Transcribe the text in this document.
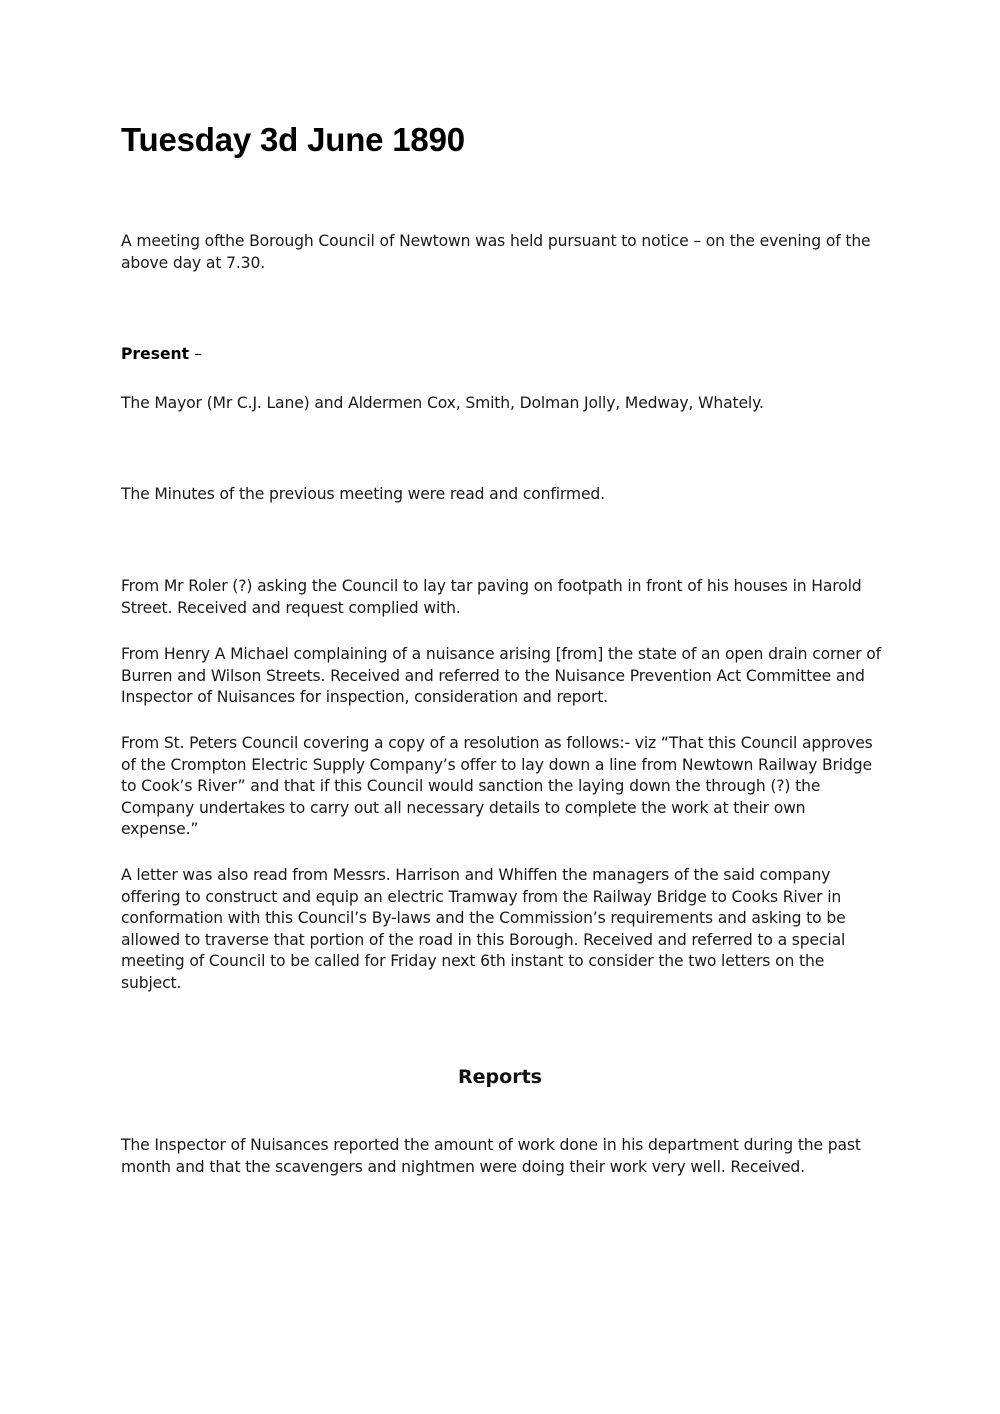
Tuesday 3d June 1890

A meeting ofthe Borough Council of Newtown was held pursuant to notice – on the evening of the above day at 7.30.

Present –

The Mayor (Mr C.J. Lane) and Aldermen Cox, Smith, Dolman Jolly, Medway, Whately.

The Minutes of the previous meeting were read and confirmed.

From Mr Roler (?) asking the Council to lay tar paving on footpath in front of his houses in Harold Street. Received and request complied with.

From Henry A Michael complaining of a nuisance arising [from] the state of an open drain corner of Burren and Wilson Streets. Received and referred to the Nuisance Prevention Act Committee and Inspector of Nuisances for inspection, consideration and report.

From St. Peters Council covering a copy of a resolution as follows:- viz “That this Council approves of the Crompton Electric Supply Company’s offer to lay down a line from Newtown Railway Bridge to Cook’s River” and that if this Council would sanction the laying down the through (?) the Company undertakes to carry out all necessary details to complete the work at their own expense.”

A letter was also read from Messrs. Harrison and Whiffen the managers of the said company offering to construct and equip an electric Tramway from the Railway Bridge to Cooks River in conformation with this Council’s By-laws and the Commission’s requirements and asking to be allowed to traverse that portion of the road in this Borough. Received and referred to a special meeting of Council to be called for Friday next 6th instant to consider the two letters on the subject.

Reports

The Inspector of Nuisances reported the amount of work done in his department during the past month and that the scavengers and nightmen were doing their work very well. Received.
